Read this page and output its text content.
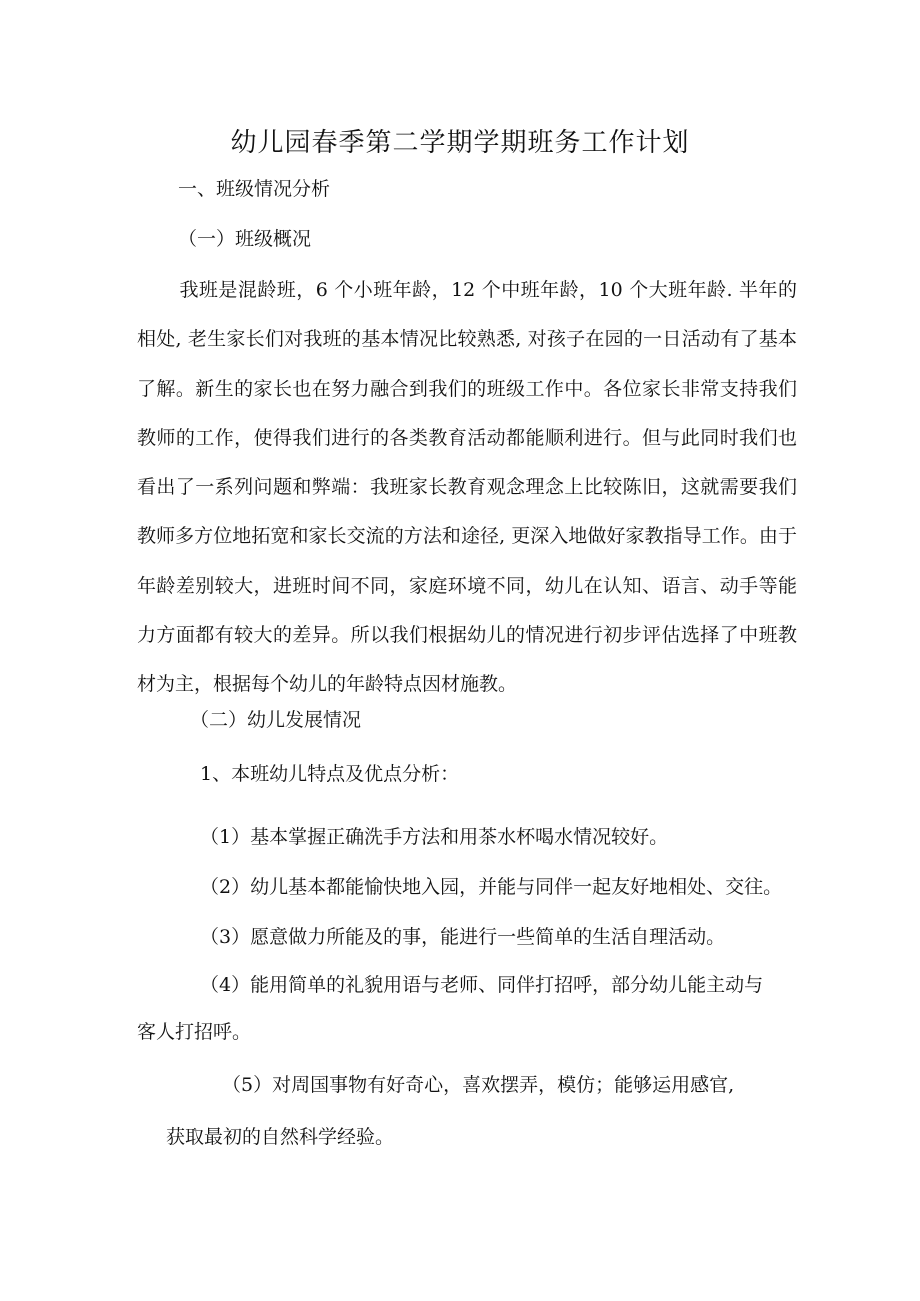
幼儿园春季第二学期学期班务工作计划
一、班级情况分析
（一）班级概况
我班是混龄班，6 个小班年龄，12 个中班年龄，10 个大班年龄. 半年的相处, 老生家长们对我班的基本情况比较熟悉, 对孩子在园的一日活动有了基本了解。新生的家长也在努力融合到我们的班级工作中。各位家长非常支持我们教师的工作，使得我们进行的各类教育活动都能顺利进行。但与此同时我们也看出了一系列问题和弊端：我班家长教育观念理念上比较陈旧，这就需要我们教师多方位地拓宽和家长交流的方法和途径, 更深入地做好家教指导工作。由于年龄差别较大，进班时间不同，家庭环境不同，幼儿在认知、语言、动手等能力方面都有较大的差异。所以我们根据幼儿的情况进行初步评估选择了中班教材为主，根据每个幼儿的年龄特点因材施教。
（二）幼儿发展情况
1、本班幼儿特点及优点分析：
（1）基本掌握正确洗手方法和用茶水杯喝水情况较好。
（2）幼儿基本都能愉快地入园，并能与同伴一起友好地相处、交往。
（3）愿意做力所能及的事，能进行一些简单的生活自理活动。
（4）能用简单的礼貌用语与老师、同伴打招呼，部分幼儿能主动与
客人打招呼。
（5）对周国事物有好奇心，喜欢摆弄，模仿；能够运用感官,
获取最初的自然科学经验。
